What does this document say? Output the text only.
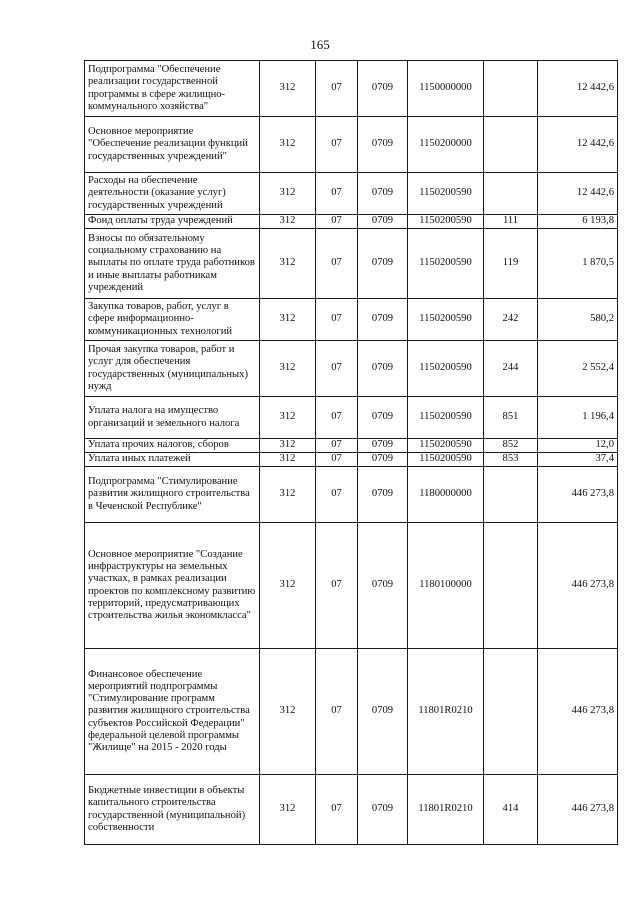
165
Подпрограмма "Обеспечение реализации государственной программы в сфере жилищно-коммунального хозяйства"	312	07	0709	1150000000		12 442,6
Основное мероприятие "Обеспечение реализации функций государственных учреждений"	312	07	0709	1150200000		12 442,6
Расходы на обеспечение деятельности (оказание услуг) государственных учреждений	312	07	0709	1150200590		12 442,6
Фонд оплаты труда учреждений	312	07	0709	1150200590	111	6 193,8
Взносы по обязательному социальному страхованию на выплаты по оплате труда работников и иные выплаты работникам учреждений	312	07	0709	1150200590	119	1 870,5
Закупка товаров, работ, услуг в сфере информационно-коммуникационных технологий	312	07	0709	1150200590	242	580,2
Прочая закупка товаров, работ и услуг для обеспечения государственных (муниципальных) нужд	312	07	0709	1150200590	244	2 552,4
Уплата налога на имущество организаций и земельного налога	312	07	0709	1150200590	851	1 196,4
Уплата прочих налогов, сборов	312	07	0709	1150200590	852	12,0
Уплата иных платежей	312	07	0709	1150200590	853	37,4
Подпрограмма "Стимулирование развития жилищного строительства в Чеченской Республике"	312	07	0709	1180000000		446 273,8
Основное мероприятие "Создание инфраструктуры на земельных участках, в рамках реализации проектов по комплексному развитию территорий, предусматривающих строительства жилья экономкласса"	312	07	0709	1180100000		446 273,8
Финансовое обеспечение мероприятий подпрограммы "Стимулирование программ развития жилищного строительства субъектов Российской Федерации" федеральной целевой программы "Жилище" на 2015 - 2020 годы	312	07	0709	11801R0210		446 273,8
Бюджетные инвестиции в объекты капитального строительства государственной (муниципальной) собственности	312	07	0709	11801R0210	414	446 273,8
